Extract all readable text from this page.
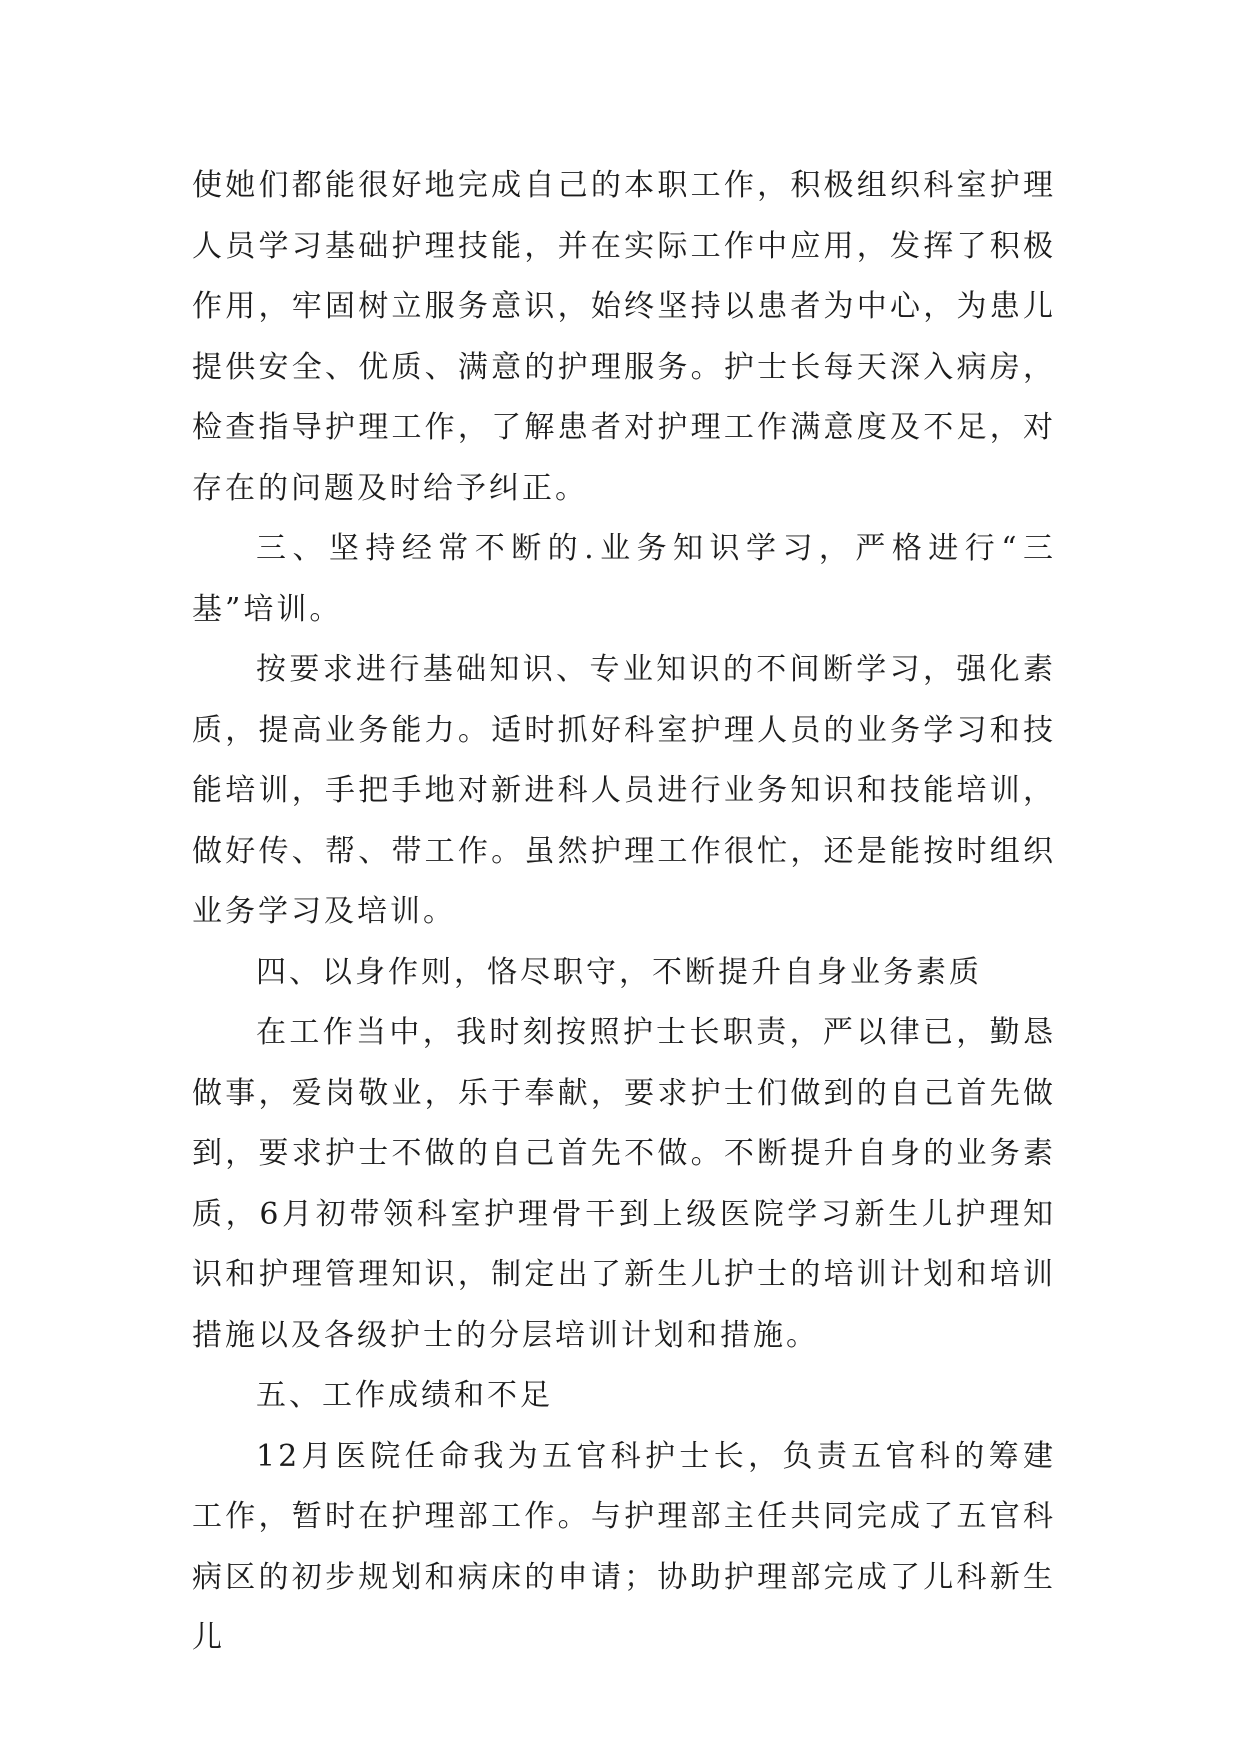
使她们都能很好地完成自己的本职工作，积极组织科室护理人员学习基础护理技能，并在实际工作中应用，发挥了积极作用，牢固树立服务意识，始终坚持以患者为中心，为患儿提供安全、优质、满意的护理服务。护士长每天深入病房，检查指导护理工作，了解患者对护理工作满意度及不足，对存在的问题及时给予纠正。

三、坚持经常不断的.业务知识学习，严格进行“三基”培训。

按要求进行基础知识、专业知识的不间断学习，强化素质，提高业务能力。适时抓好科室护理人员的业务学习和技能培训，手把手地对新进科人员进行业务知识和技能培训，做好传、帮、带工作。虽然护理工作很忙，还是能按时组织业务学习及培训。

四、以身作则，恪尽职守，不断提升自身业务素质

在工作当中，我时刻按照护士长职责，严以律已，勤恳做事，爱岗敬业，乐于奉献，要求护士们做到的自己首先做到，要求护士不做的自己首先不做。不断提升自身的业务素质，6月初带领科室护理骨干到上级医院学习新生儿护理知识和护理管理知识，制定出了新生儿护士的培训计划和培训措施以及各级护士的分层培训计划和措施。

五、工作成绩和不足

12月医院任命我为五官科护士长，负责五官科的筹建工作，暂时在护理部工作。与护理部主任共同完成了五官科病区的初步规划和病床的申请；协助护理部完成了儿科新生儿
